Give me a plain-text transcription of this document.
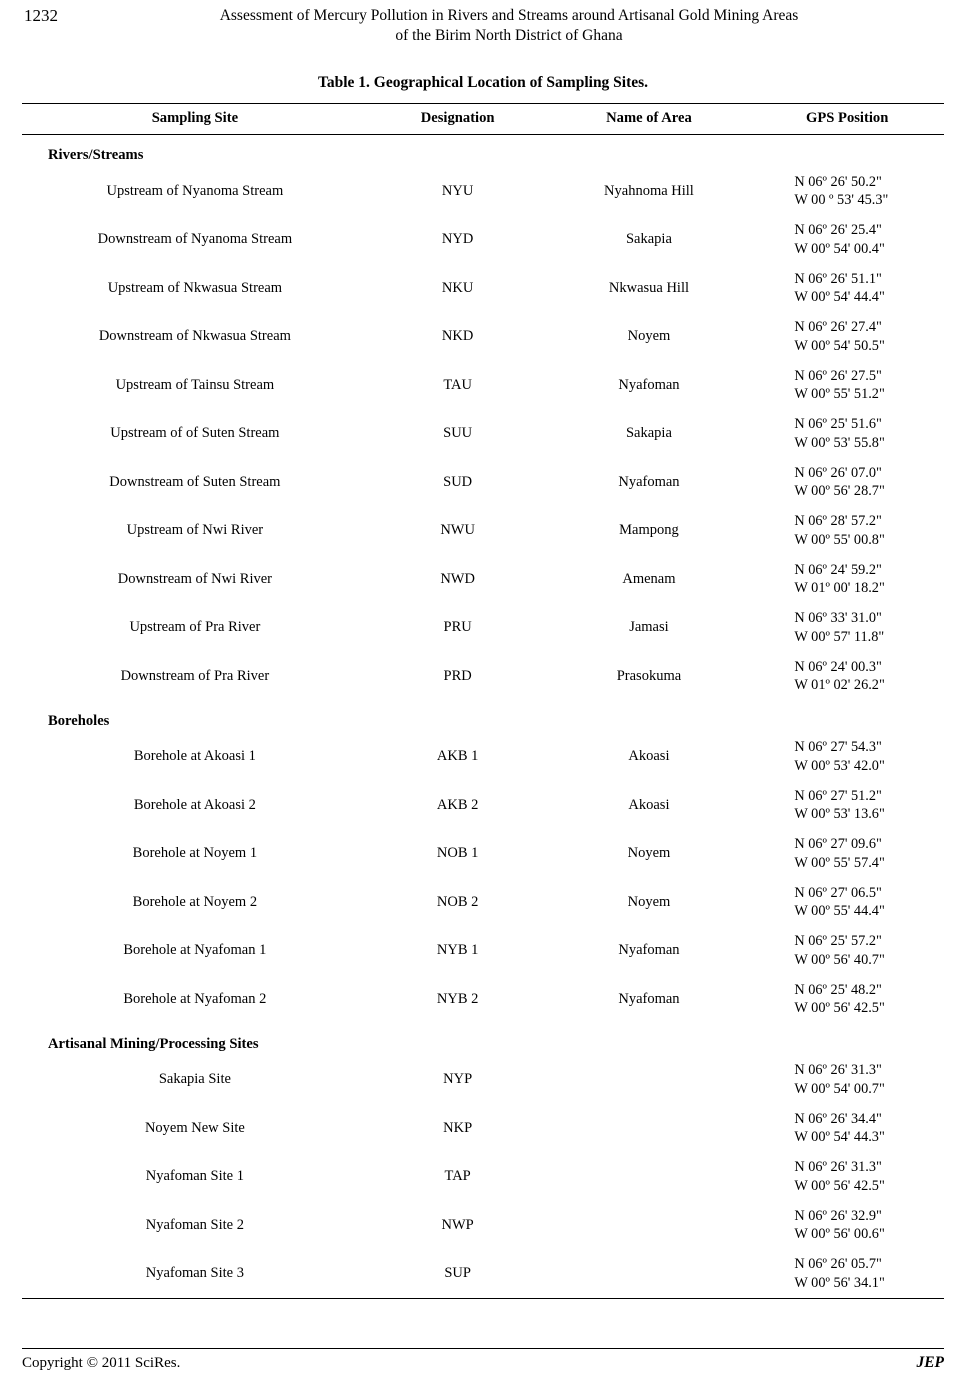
1232	Assessment of Mercury Pollution in Rivers and Streams around Artisanal Gold Mining Areas
of the Birim North District of Ghana
Table 1. Geographical Location of Sampling Sites.
Sampling Site	Designation	Name of Area	GPS Position
Rivers/Streams			
Upstream of Nyanoma Stream	NYU	Nyahnoma Hill	N 06º 26' 50.2"
W 00 º 53' 45.3"

Downstream of Nyanoma Stream	NYD	Sakapia	N 06º 26' 25.4"
W 00º 54' 00.4"

Upstream of Nkwasua Stream	NKU	Nkwasua Hill	N 06º 26' 51.1"
W 00º 54' 44.4"

Downstream of Nkwasua Stream	NKD	Noyem	N 06º 26' 27.4"
W 00º 54' 50.5"

Upstream of Tainsu Stream	TAU	Nyafoman	N 06º 26' 27.5"
W 00º 55' 51.2"

Upstream of of Suten Stream	SUU	Sakapia	N 06º 25' 51.6"
W 00º 53' 55.8"

Downstream of Suten Stream	SUD	Nyafoman	N 06º 26' 07.0"
W 00º 56' 28.7"

Upstream of Nwi River	NWU	Mampong	N 06º 28' 57.2"
W 00º 55' 00.8"

Downstream of Nwi River	NWD	Amenam	N 06º 24' 59.2"
W 01º 00' 18.2"

Upstream of Pra River	PRU	Jamasi	N 06º 33' 31.0"
W 00º 57' 11.8"

Downstream of Pra River	PRD	Prasokuma	N 06º 24' 00.3"
W 01º 02' 26.2"

Boreholes			
Borehole at Akoasi 1	AKB 1	Akoasi	N 06º 27' 54.3"
W 00º 53' 42.0"

Borehole at Akoasi 2	AKB 2	Akoasi	N 06º 27' 51.2"
W 00º 53' 13.6"

Borehole at Noyem 1	NOB 1	Noyem	N 06º 27' 09.6"
W 00º 55' 57.4"

Borehole at Noyem 2	NOB 2	Noyem	N 06º 27' 06.5"
W 00º 55' 44.4"

Borehole at Nyafoman 1	NYB 1	Nyafoman	N 06º 25' 57.2"
W 00º 56' 40.7"

Borehole at Nyafoman 2	NYB 2	Nyafoman	N 06º 25' 48.2"
W 00º 56' 42.5"

Artisanal Mining/Processing Sites			
Sakapia Site	NYP		N 06º 26' 31.3"
W 00º 54' 00.7"

Noyem New Site	NKP		N 06º 26' 34.4"
W 00º 54' 44.3"

Nyafoman Site 1	TAP		N 06º 26' 31.3"
W 00º 56' 42.5"

Nyafoman Site 2	NWP		N 06º 26' 32.9"
W 00º 56' 00.6"

Nyafoman Site 3	SUP		N 06º 26' 05.7"
W 00º 56' 34.1"
Copyright © 2011 SciRes.	JEP
